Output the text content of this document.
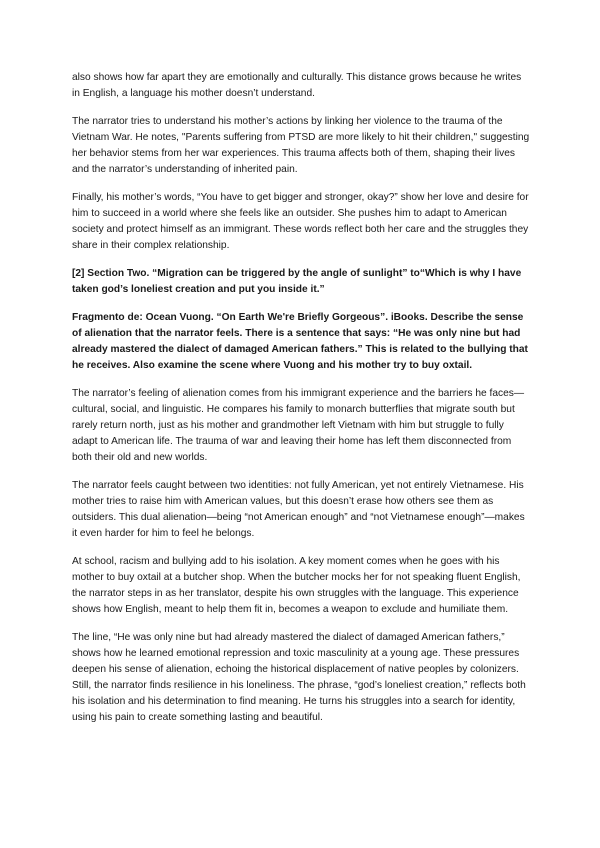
also shows how far apart they are emotionally and culturally. This distance grows because he writes in English, a language his mother doesn’t understand.

The narrator tries to understand his mother’s actions by linking her violence to the trauma of the Vietnam War. He notes, "Parents suffering from PTSD are more likely to hit their children," suggesting her behavior stems from her war experiences. This trauma affects both of them, shaping their lives and the narrator’s understanding of inherited pain.

Finally, his mother’s words, “You have to get bigger and stronger, okay?” show her love and desire for him to succeed in a world where she feels like an outsider. She pushes him to adapt to American society and protect himself as an immigrant. These words reflect both her care and the struggles they share in their complex relationship.

[2] Section Two. “Migration can be triggered by the angle of sunlight” to“Which is why I have taken god’s loneliest creation and put you inside it.”

Fragmento de: Ocean Vuong. “On Earth We're Briefly Gorgeous”. iBooks. Describe the sense of alienation that the narrator feels. There is a sentence that says: “He was only nine but had already mastered the dialect of damaged American fathers.” This is related to the bullying that he receives. Also examine the scene where Vuong and his mother try to buy oxtail.

The narrator’s feeling of alienation comes from his immigrant experience and the barriers he faces—cultural, social, and linguistic. He compares his family to monarch butterflies that migrate south but rarely return north, just as his mother and grandmother left Vietnam with him but struggle to fully adapt to American life. The trauma of war and leaving their home has left them disconnected from both their old and new worlds.

The narrator feels caught between two identities: not fully American, yet not entirely Vietnamese. His mother tries to raise him with American values, but this doesn’t erase how others see them as outsiders. This dual alienation—being “not American enough” and “not Vietnamese enough”—makes it even harder for him to feel he belongs.

At school, racism and bullying add to his isolation. A key moment comes when he goes with his mother to buy oxtail at a butcher shop. When the butcher mocks her for not speaking fluent English, the narrator steps in as her translator, despite his own struggles with the language. This experience shows how English, meant to help them fit in, becomes a weapon to exclude and humiliate them.

The line, “He was only nine but had already mastered the dialect of damaged American fathers,” shows how he learned emotional repression and toxic masculinity at a young age. These pressures deepen his sense of alienation, echoing the historical displacement of native peoples by colonizers. Still, the narrator finds resilience in his loneliness. The phrase, “god’s loneliest creation,” reflects both his isolation and his determination to find meaning. He turns his struggles into a search for identity, using his pain to create something lasting and beautiful.
